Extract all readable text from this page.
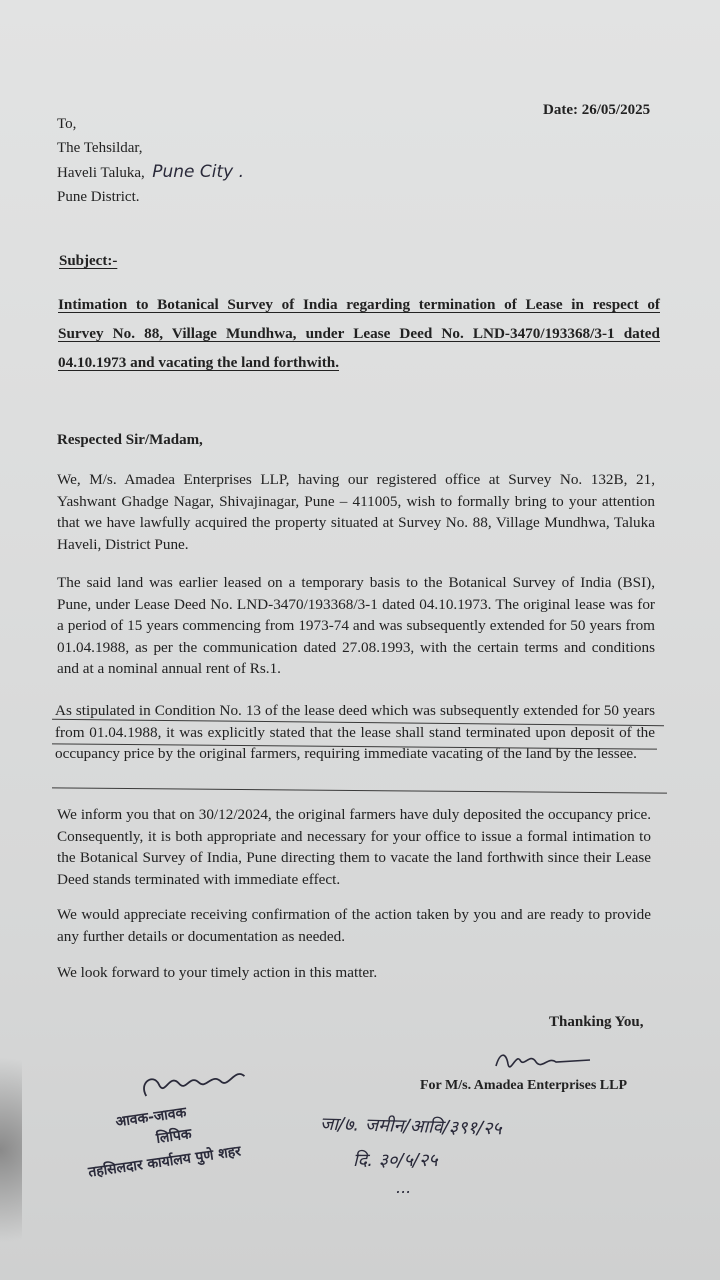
Date: 26/05/2025
To,
The Tehsildar,
Haveli Taluka, Pune City .
Pune District.
Subject:-
Intimation to Botanical Survey of India regarding termination of Lease in respect of
Survey No. 88, Village Mundhwa, under Lease Deed No. LND-3470/193368/3-1 dated
04.10.1973 and vacating the land forthwith.
Respected Sir/Madam,

We, M/s. Amadea Enterprises LLP, having our registered office at Survey No. 132B, 21, Yashwant Ghadge Nagar, Shivajinagar, Pune – 411005, wish to formally bring to your attention that we have lawfully acquired the property situated at Survey No. 88, Village Mundhwa, Taluka Haveli, District Pune.

The said land was earlier leased on a temporary basis to the Botanical Survey of India (BSI), Pune, under Lease Deed No. LND-3470/193368/3-1 dated 04.10.1973. The original lease was for a period of 15 years commencing from 1973-74 and was subsequently extended for 50 years from 01.04.1988, as per the communication dated 27.08.1993, with the certain terms and conditions and at a nominal annual rent of Rs.1.

As stipulated in Condition No. 13 of the lease deed which was subsequently extended for 50 years from 01.04.1988, it was explicitly stated that the lease shall stand terminated upon deposit of the occupancy price by the original farmers, requiring immediate vacating of the land by the lessee.

We inform you that on 30/12/2024, the original farmers have duly deposited the occupancy price. Consequently, it is both appropriate and necessary for your office to issue a formal intimation to the Botanical Survey of India, Pune directing them to vacate the land forthwith since their Lease Deed stands terminated with immediate effect.

We would appreciate receiving confirmation of the action taken by you and are ready to provide any further details or documentation as needed.

We look forward to your timely action in this matter.

Thanking You,
For M/s. Amadea Enterprises LLP
आवक-जावक
लिपिक
तहसिलदार कार्यालय पुणे शहर
जा/७. जमीन/आवि/३९१/२५
दि. ३०/५/२५
...
